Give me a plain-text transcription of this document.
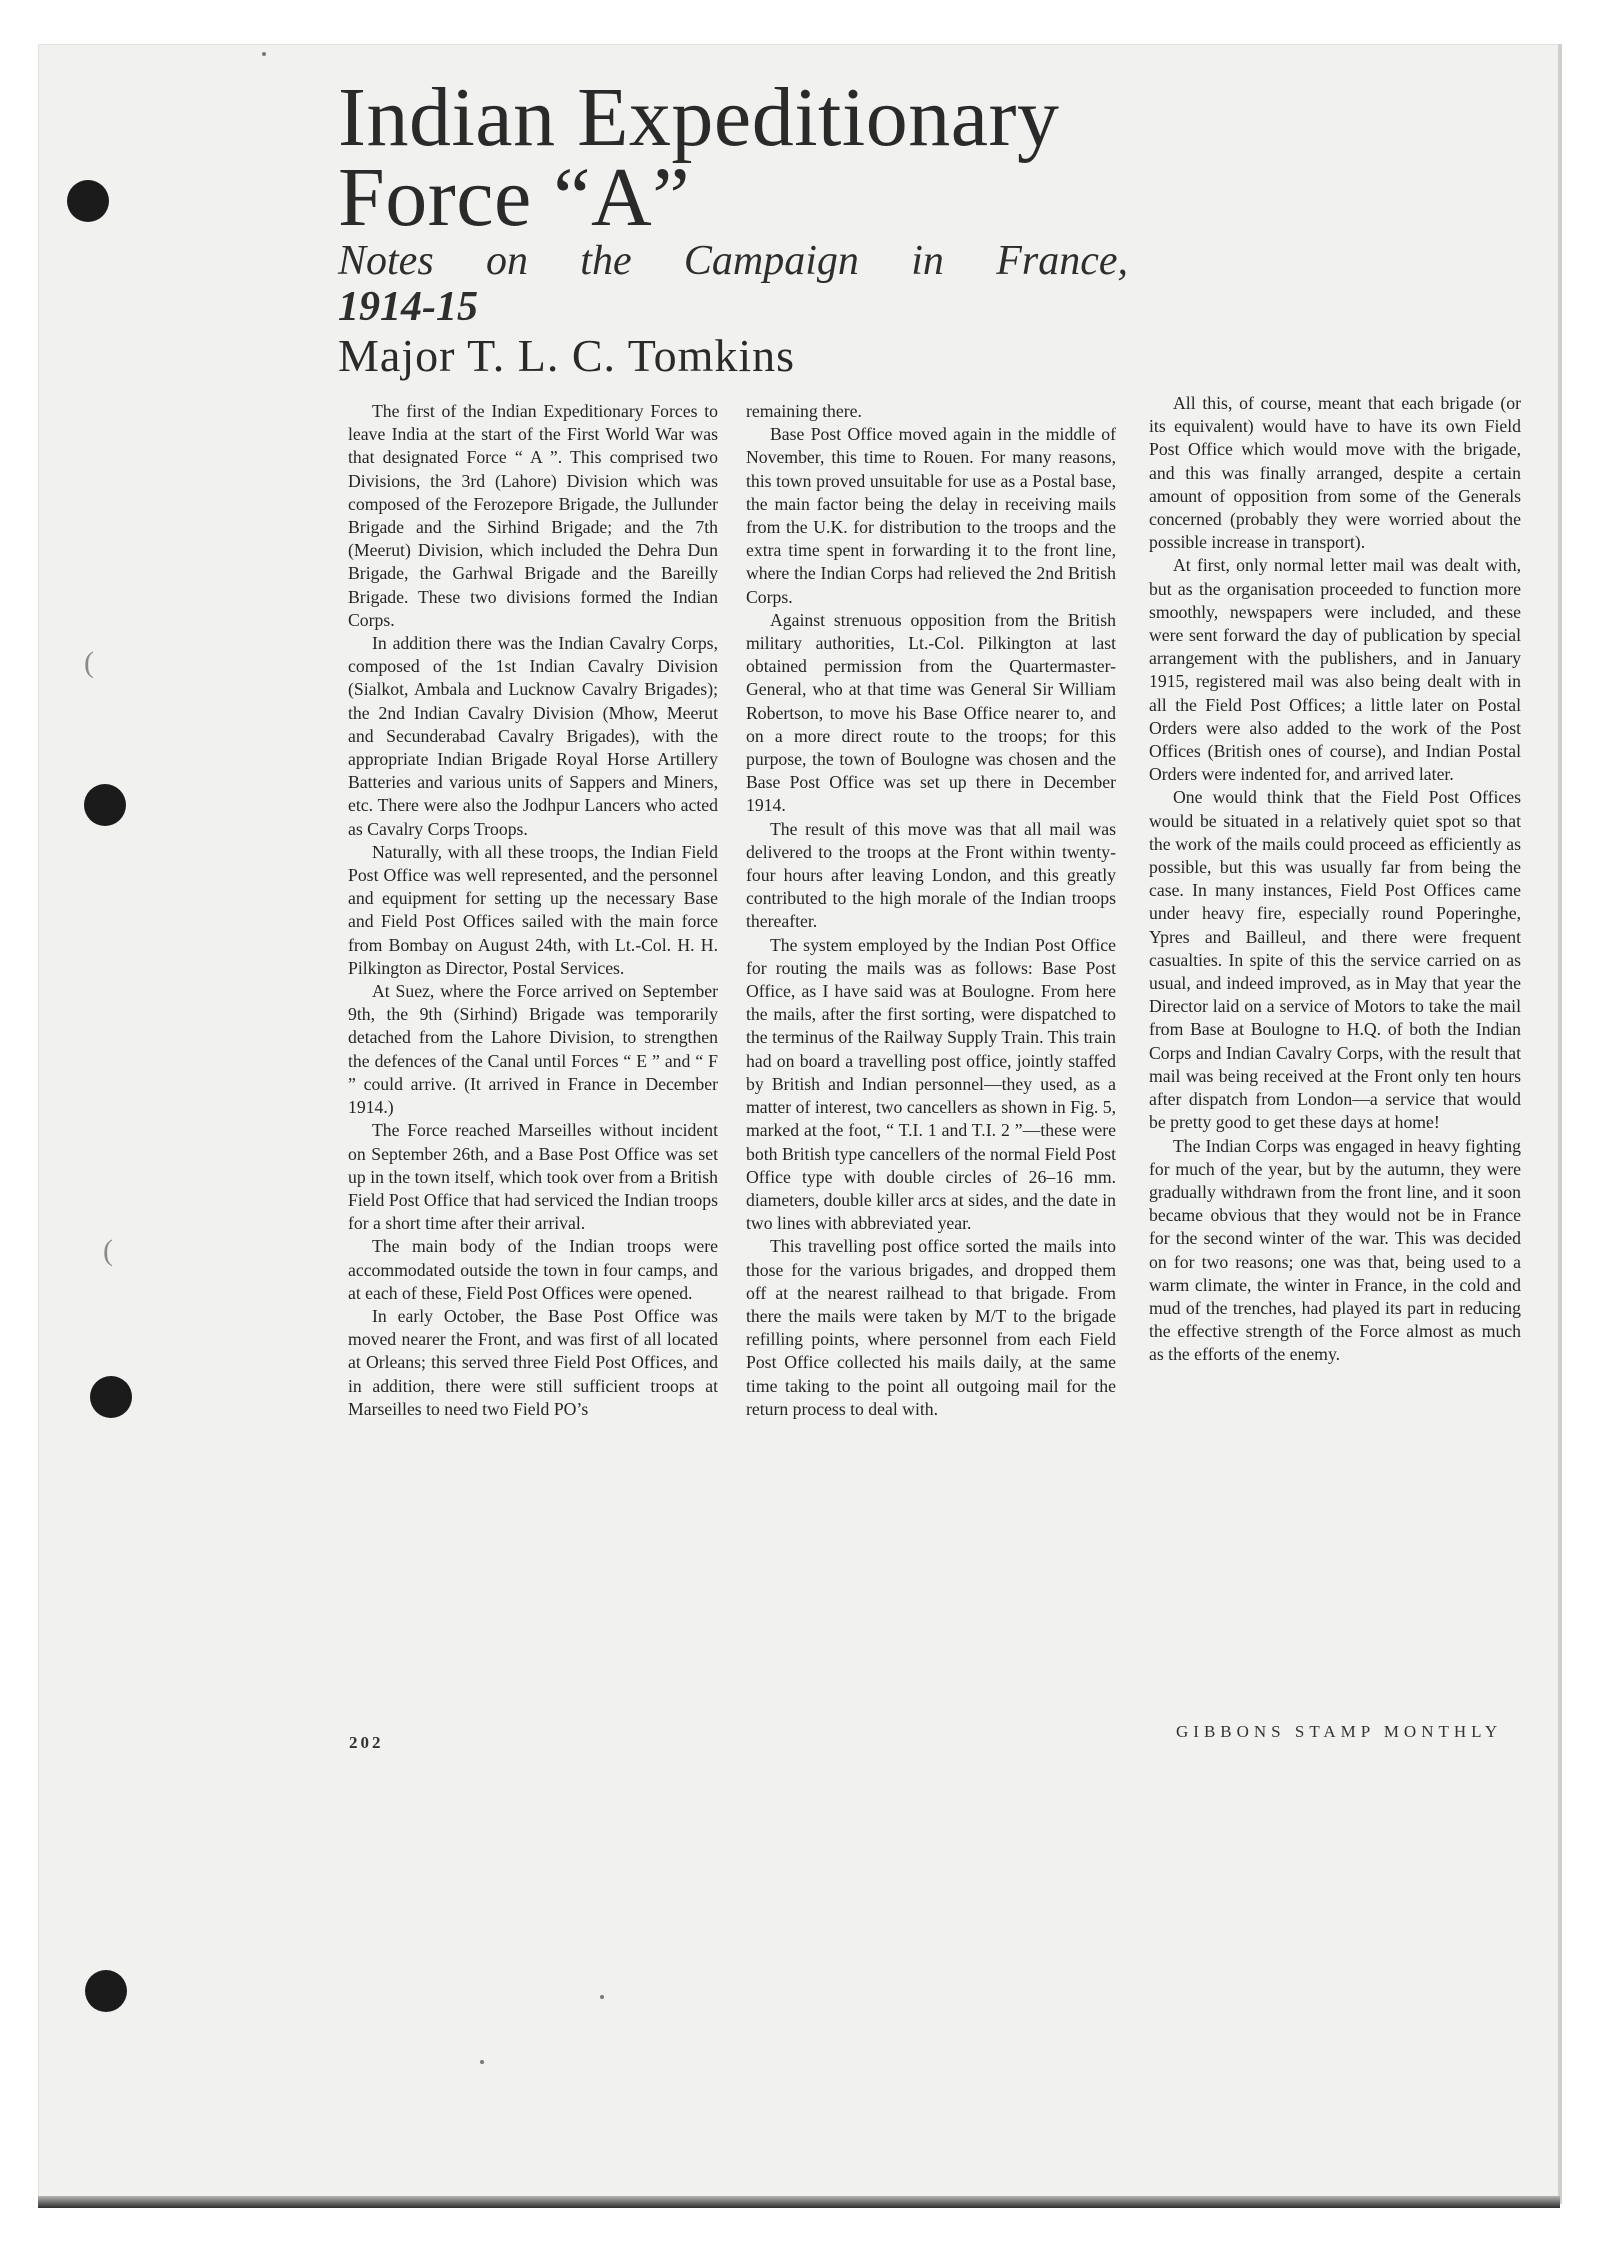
(
(
Indian Expeditionary
Force “A”
Notes on the Campaign in France,
1914-15
Major T. L. C. Tomkins

The first of the Indian Expeditionary Forces to leave India at the start of the First World War was that designated Force “ A ”. This comprised two Divisions, the 3rd (Lahore) Division which was composed of the Ferozepore Brigade, the Jullunder Brigade and the Sirhind Brigade; and the 7th (Meerut) Division, which included the Dehra Dun Brigade, the Garhwal Brigade and the Bareilly Brigade. These two divisions formed the Indian Corps.

In addition there was the Indian Cavalry Corps, composed of the 1st Indian Cavalry Division (Sialkot, Ambala and Lucknow Cavalry Brigades); the 2nd Indian Cavalry Division (Mhow, Meerut and Secunderabad Cavalry Brigades), with the appropriate Indian Brigade Royal Horse Artillery Batteries and various units of Sappers and Miners, etc. There were also the Jodhpur Lancers who acted as Cavalry Corps Troops.

Naturally, with all these troops, the Indian Field Post Office was well represented, and the personnel and equipment for setting up the necessary Base and Field Post Offices sailed with the main force from Bombay on August 24th, with Lt.-Col. H. H. Pilkington as Director, Postal Services.

At Suez, where the Force arrived on September 9th, the 9th (Sirhind) Brigade was temporarily detached from the Lahore Division, to strengthen the defences of the Canal until Forces “ E ” and “ F ” could arrive. (It arrived in France in December 1914.)

The Force reached Marseilles without incident on September 26th, and a Base Post Office was set up in the town itself, which took over from a British Field Post Office that had serviced the Indian troops for a short time after their arrival.

The main body of the Indian troops were accommodated outside the town in four camps, and at each of these, Field Post Offices were opened.

In early October, the Base Post Office was moved nearer the Front, and was first of all located at Orleans; this served three Field Post Offices, and in addition, there were still sufficient troops at Marseilles to need two Field PO’s

remaining there.

Base Post Office moved again in the middle of November, this time to Rouen. For many reasons, this town proved unsuitable for use as a Postal base, the main factor being the delay in receiving mails from the U.K. for distribution to the troops and the extra time spent in forwarding it to the front line, where the Indian Corps had relieved the 2nd British Corps.

Against strenuous opposition from the British military authorities, Lt.-Col. Pilkington at last obtained permission from the Quartermaster-General, who at that time was General Sir William Robertson, to move his Base Office nearer to, and on a more direct route to the troops; for this purpose, the town of Boulogne was chosen and the Base Post Office was set up there in December 1914.

The result of this move was that all mail was delivered to the troops at the Front within twenty-four hours after leaving London, and this greatly contributed to the high morale of the Indian troops thereafter.

The system employed by the Indian Post Office for routing the mails was as follows: Base Post Office, as I have said was at Boulogne. From here the mails, after the first sorting, were dispatched to the terminus of the Railway Supply Train. This train had on board a travelling post office, jointly staffed by British and Indian personnel—they used, as a matter of interest, two cancellers as shown in Fig. 5, marked at the foot, “ T.I. 1 and T.I. 2 ”—these were both British type cancellers of the normal Field Post Office type with double circles of 26–16 mm. diameters, double killer arcs at sides, and the date in two lines with abbreviated year.

This travelling post office sorted the mails into those for the various brigades, and dropped them off at the nearest railhead to that brigade. From there the mails were taken by M/T to the brigade refilling points, where personnel from each Field Post Office collected his mails daily, at the same time taking to the point all outgoing mail for the return process to deal with.

All this, of course, meant that each brigade (or its equivalent) would have to have its own Field Post Office which would move with the brigade, and this was finally arranged, despite a certain amount of opposition from some of the Generals concerned (probably they were worried about the possible increase in transport).

At first, only normal letter mail was dealt with, but as the organisation proceeded to function more smoothly, newspapers were included, and these were sent forward the day of publication by special arrangement with the publishers, and in January 1915, registered mail was also being dealt with in all the Field Post Offices; a little later on Postal Orders were also added to the work of the Post Offices (British ones of course), and Indian Postal Orders were indented for, and arrived later.

One would think that the Field Post Offices would be situated in a relatively quiet spot so that the work of the mails could proceed as efficiently as possible, but this was usually far from being the case. In many instances, Field Post Offices came under heavy fire, especially round Poperinghe, Ypres and Bailleul, and there were frequent casualties. In spite of this the service carried on as usual, and indeed improved, as in May that year the Director laid on a service of Motors to take the mail from Base at Boulogne to H.Q. of both the Indian Corps and Indian Cavalry Corps, with the result that mail was being received at the Front only ten hours after dispatch from London—a service that would be pretty good to get these days at home!

The Indian Corps was engaged in heavy fighting for much of the year, but by the autumn, they were gradually withdrawn from the front line, and it soon became obvious that they would not be in France for the second winter of the war. This was decided on for two reasons; one was that, being used to a warm climate, the winter in France, in the cold and mud of the trenches, had played its part in reducing the effective strength of the Force almost as much as the efforts of the enemy.

202
GIBBONS STAMP MONTHLY
